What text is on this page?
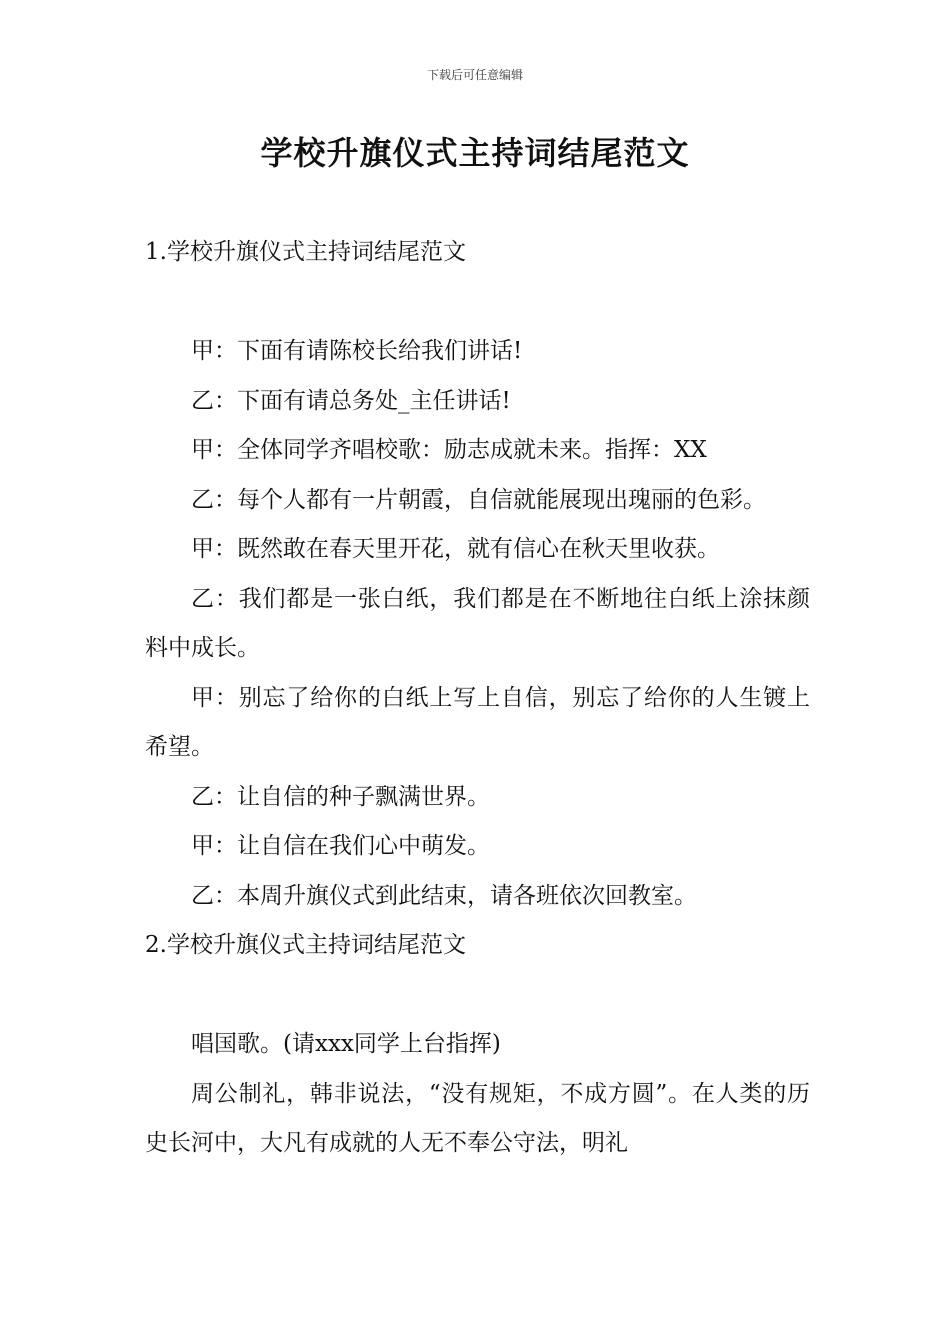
下载后可任意编辑
学校升旗仪式主持词结尾范文

1.学校升旗仪式主持词结尾范文

甲：下面有请陈校长给我们讲话!

乙：下面有请总务处_主任讲话!

甲：全体同学齐唱校歌：励志成就未来。指挥：XX

乙：每个人都有一片朝霞，自信就能展现出瑰丽的色彩。

甲：既然敢在春天里开花，就有信心在秋天里收获。

乙：我们都是一张白纸，我们都是在不断地往白纸上涂抹颜料中成长。

甲：别忘了给你的白纸上写上自信，别忘了给你的人生镀上希望。

乙：让自信的种子飘满世界。

甲：让自信在我们心中萌发。

乙：本周升旗仪式到此结束，请各班依次回教室。

2.学校升旗仪式主持词结尾范文

唱国歌。(请xxx同学上台指挥)

周公制礼，韩非说法，“没有规矩，不成方圆”。在人类的历史长河中，大凡有成就的人无不奉公守法，明礼
